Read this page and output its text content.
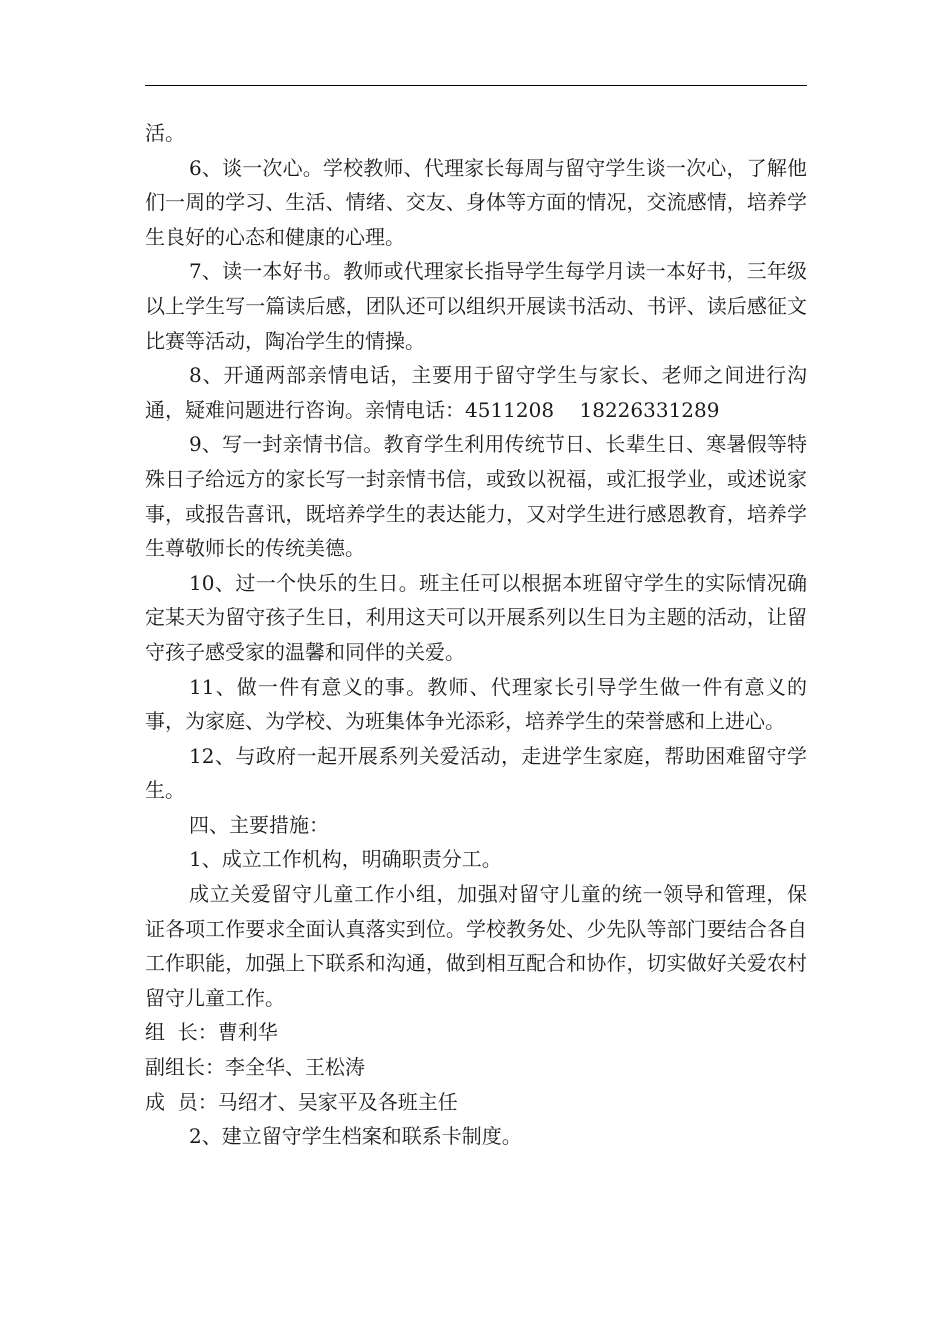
活。

6、谈一次心。学校教师、代理家长每周与留守学生谈一次心，了解他们一周的学习、生活、情绪、交友、身体等方面的情况，交流感情，培养学生良好的心态和健康的心理。

7、读一本好书。教师或代理家长指导学生每学月读一本好书，三年级以上学生写一篇读后感，团队还可以组织开展读书活动、书评、读后感征文比赛等活动，陶冶学生的情操。

8、开通两部亲情电话，主要用于留守学生与家长、老师之间进行沟通，疑难问题进行咨询。亲情电话：4511208    18226331289

9、写一封亲情书信。教育学生利用传统节日、长辈生日、寒暑假等特殊日子给远方的家长写一封亲情书信，或致以祝福，或汇报学业，或述说家事，或报告喜讯，既培养学生的表达能力，又对学生进行感恩教育，培养学生尊敬师长的传统美德。

10、过一个快乐的生日。班主任可以根据本班留守学生的实际情况确定某天为留守孩子生日，利用这天可以开展系列以生日为主题的活动，让留守孩子感受家的温馨和同伴的关爱。

11、做一件有意义的事。教师、代理家长引导学生做一件有意义的事，为家庭、为学校、为班集体争光添彩，培养学生的荣誉感和上进心。

12、与政府一起开展系列关爱活动，走进学生家庭，帮助困难留守学生。

四、主要措施：

1、成立工作机构，明确职责分工。

成立关爱留守儿童工作小组，加强对留守儿童的统一领导和管理，保证各项工作要求全面认真落实到位。学校教务处、少先队等部门要结合各自工作职能，加强上下联系和沟通，做到相互配合和协作，切实做好关爱农村留守儿童工作。

组  长：曹利华

副组长：李全华、王松涛

成  员：马绍才、吴家平及各班主任

2、建立留守学生档案和联系卡制度。
